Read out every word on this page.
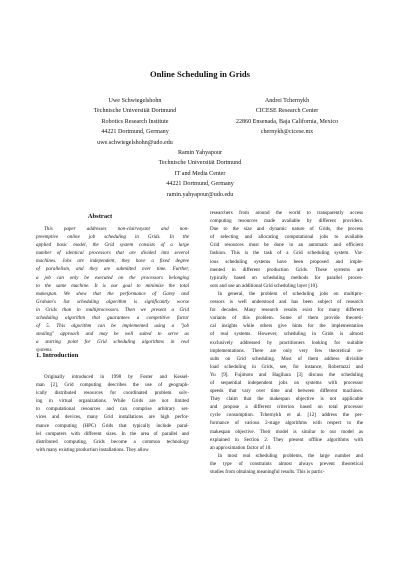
Online Scheduling in Grids
Uwe Schwiegelshohn
Technische Universität Dortmund
Robotics Research Institute
44221 Dortmund, Germany
uwe.schwiegelshohn@udo.edu
Andrei Tchernykh
CICESE Research Center
22860 Ensenada, Baja California, Mexico
chernykh@cicese.mx
Ramin Yahyapour
Technische Universität Dortmund
IT and Media Center
44221 Dortmund, Germany
ramin.yahyapour@udo.edu
Abstract
This paper addresses non-clairvoyant and non-
preemptive online job scheduling in Grids. In the
applied basic model, the Grid system consists of a large
number of identical processors that are divided into several
machines. Jobs are independent, they have a fixed degree
of parallelism, and they are submitted over time. Further,
a job can only be executed on the processors belonging
to the same machine. It is our goal to minimize the total
makespan. We show that the performance of Garey and
Graham's list scheduling algorithm is significantly worse
in Grids than in multiprocessors. Then we present a Grid
scheduling algorithm that guarantees a competitive factor
of 5. This algorithm can be implemented using a "job
stealing" approach and may be well suited to serve as
a starting point for Grid scheduling algorithms in real
systems.
1. Introduction
Originally introduced in 1998 by Foster and Kessel-
man [2], Grid computing describes the use of geograph-
ically distributed resources for coordinated problem solv-
ing in virtual organizations. While Grids are not limited
to computational resources and can comprise arbitrary ser-
vices and devices, many Grid installations are high perfor-
mance computing (HPC) Grids that typically include paral-
lel computers with different sizes. In the area of parallel and
distributed computing, Grids become a common technology
with many existing production installations. They allow
researchers from around the world to transparently access
computing resources made available by different providers.
Due to the size and dynamic nature of Grids, the process
of selecting and allocating computational jobs to available
Grid resources must be done in an automatic and efficient
fashion. This is the task of a Grid scheduling system. Var-
ious scheduling systems have been proposed and imple-
mented in different production Grids. These systems are
typically based on scheduling methods for parallel proces-
sors and use an additional Grid scheduling layer [10].
In general, the problem of scheduling jobs on multipro-
cessors is well understood and has been subject of research
for decades. Many research results exist for many different
variants of this problem. Some of them provide theoreti-
cal insights while others give hints for the implementation
of real systems. However, scheduling in Grids is almost
exclusively addressed by practitioners looking for suitable
implementations. There are only very few theoretical re-
sults on Grid scheduling. Most of them address divisible
load scheduling in Grids, see, for instance, Robertazzi and
Yu [9]. Fujimoto and Hagihara [3] discuss the scheduling
of sequential independent jobs on systems with processor
speeds that vary over time and between different machines.
They claim that the makespan objective is not applicable
and propose a different criterion based on total processor
cycle consumption. Tchernykh et al. [12] address the per-
formance of various 2-stage algorithms with respect to the
makespan objective. Their model is similar to our model as
explained in Section 2. They present offline algorithms with
an approximation factor of 10.
In most real scheduling problems, the large number and
the type of constraints almost always prevent theoretical
studies from obtaining meaningful results. This is partic-
